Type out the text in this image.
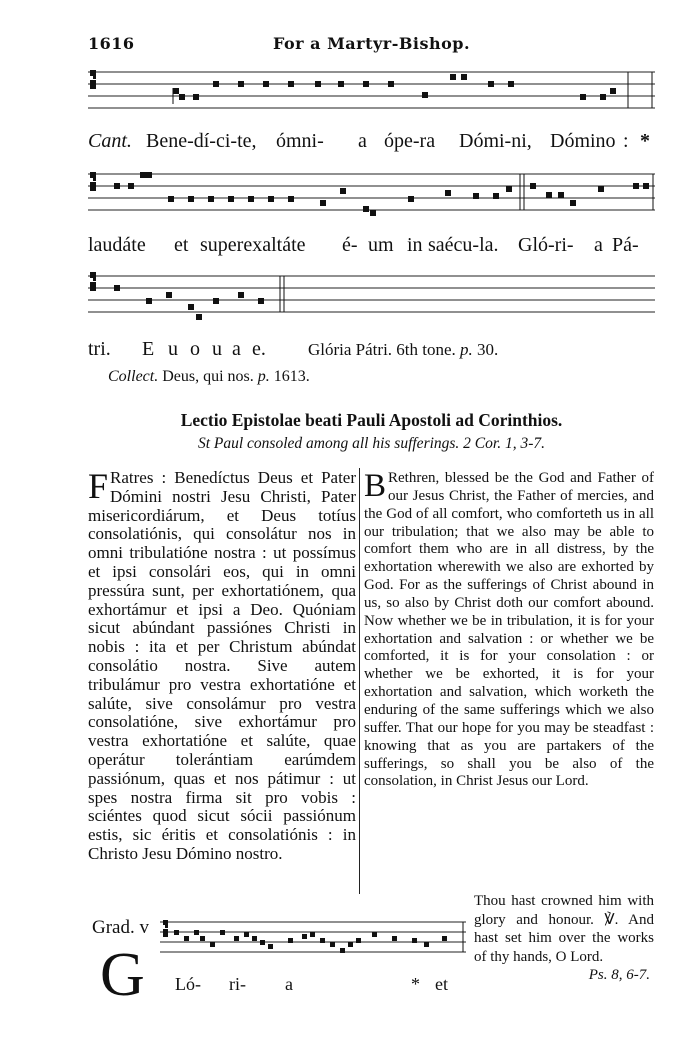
1616	For a Martyr-Bishop.
Cant. Bene-dí-ci-te, ómni- a ópe-ra Dómi-ni, Dómino : *
laudáte et superexaltáte é- um in saécu-la. Gló-ri- a Pá-
tri. E u o u a e. Glória Pátri. 6th tone. p. 30.
Collect. Deus, qui nos. p. 1613.
Lectio Epistolae beati Pauli Apostoli ad Corinthios.
St Paul consoled among all his sufferings. 2 Cor. 1, 3-7.

F Ratres : Benedíctus Deus et Pater Dómini nostri Jesu Christi, Pater misericordiárum, et Deus totíus consolatiónis, qui consolátur nos in omni tribulatióne nostra : ut possímus et ipsi consolári eos, qui in omni pressúra sunt, per exhortatiónem, qua exhortámur et ipsi a Deo. Quóniam sicut abúndant passiónes Christi in nobis : ita et per Christum abúndat consolátio nostra. Sive autem tribulámur pro vestra exhortatióne et salúte, sive consolámur pro vestra consolatióne, sive exhortámur pro vestra exhortatióne et salúte, quae operátur tolerántiam earúmdem passiónum, quas et nos pátimur : ut spes nostra firma sit pro vobis : sciéntes quod sicut sócii passiónum estis, sic éritis et consolatiónis : in Christo Jesu Dómino nostro.

B Rethren, blessed be the God and Father of our Jesus Christ, the Father of mercies, and the God of all comfort, who comforteth us in all our tribulation; that we also may be able to comfort them who are in all distress, by the exhortation wherewith we also are exhorted by God. For as the sufferings of Christ abound in us, so also by Christ doth our comfort abound. Now whether we be in tribulation, it is for your exhortation and salvation : or whether we be comforted, it is for your consolation : or whether we be exhorted, it is for your exhortation and salvation, which worketh the enduring of the same sufferings which we also suffer. That our hope for you may be steadfast : knowing that as you are partakers of the sufferings, so shall you be also of the consolation, in Christ Jesus our Lord.

Grad. v
G Ló- ri- a	* et
Thou hast crowned him with glory and honour. ℣. And hast set him over the works of thy hands, O Lord.
Ps. 8, 6-7.
